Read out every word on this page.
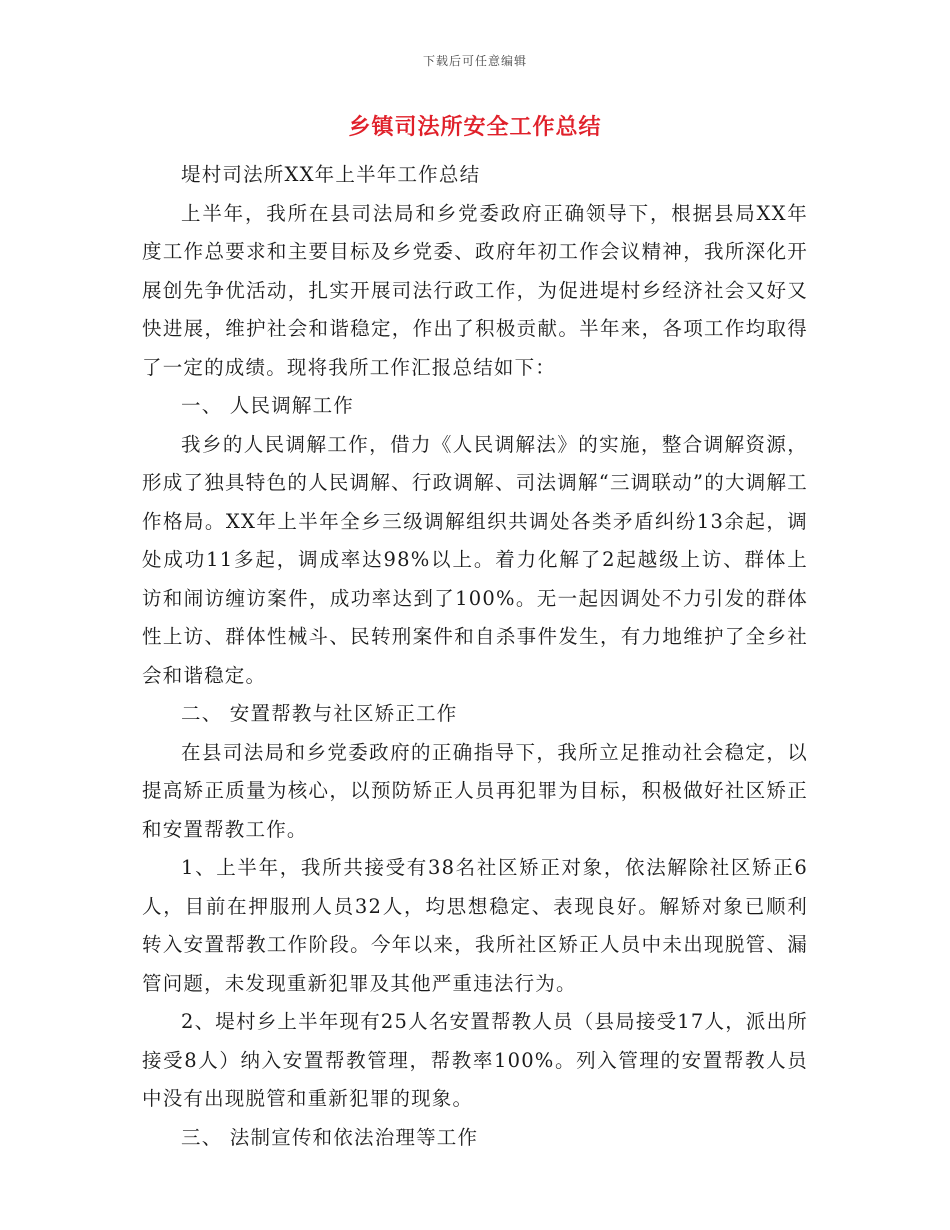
下载后可任意编辑
乡镇司法所安全工作总结

堤村司法所XX年上半年工作总结

上半年，我所在县司法局和乡党委政府正确领导下，根据县局XX年度工作总要求和主要目标及乡党委、政府年初工作会议精神，我所深化开展创先争优活动，扎实开展司法行政工作，为促进堤村乡经济社会又好又快进展，维护社会和谐稳定，作出了积极贡献。半年来，各项工作均取得了一定的成绩。现将我所工作汇报总结如下：

一、 人民调解工作

我乡的人民调解工作，借力《人民调解法》的实施，整合调解资源，形成了独具特色的人民调解、行政调解、司法调解“三调联动”的大调解工作格局。XX年上半年全乡三级调解组织共调处各类矛盾纠纷13余起，调处成功11多起，调成率达98%以上。着力化解了2起越级上访、群体上访和闹访缠访案件，成功率达到了100%。无一起因调处不力引发的群体性上访、群体性械斗、民转刑案件和自杀事件发生，有力地维护了全乡社会和谐稳定。

二、 安置帮教与社区矫正工作

在县司法局和乡党委政府的正确指导下，我所立足推动社会稳定，以提高矫正质量为核心，以预防矫正人员再犯罪为目标，积极做好社区矫正和安置帮教工作。

1、上半年，我所共接受有38名社区矫正对象，依法解除社区矫正6人，目前在押服刑人员32人，均思想稳定、表现良好。解矫对象已顺利转入安置帮教工作阶段。今年以来，我所社区矫正人员中未出现脱管、漏管问题，未发现重新犯罪及其他严重违法行为。

2、堤村乡上半年现有25人名安置帮教人员（县局接受17人，派出所接受8人）纳入安置帮教管理，帮教率100%。列入管理的安置帮教人员中没有出现脱管和重新犯罪的现象。

三、 法制宣传和依法治理等工作
